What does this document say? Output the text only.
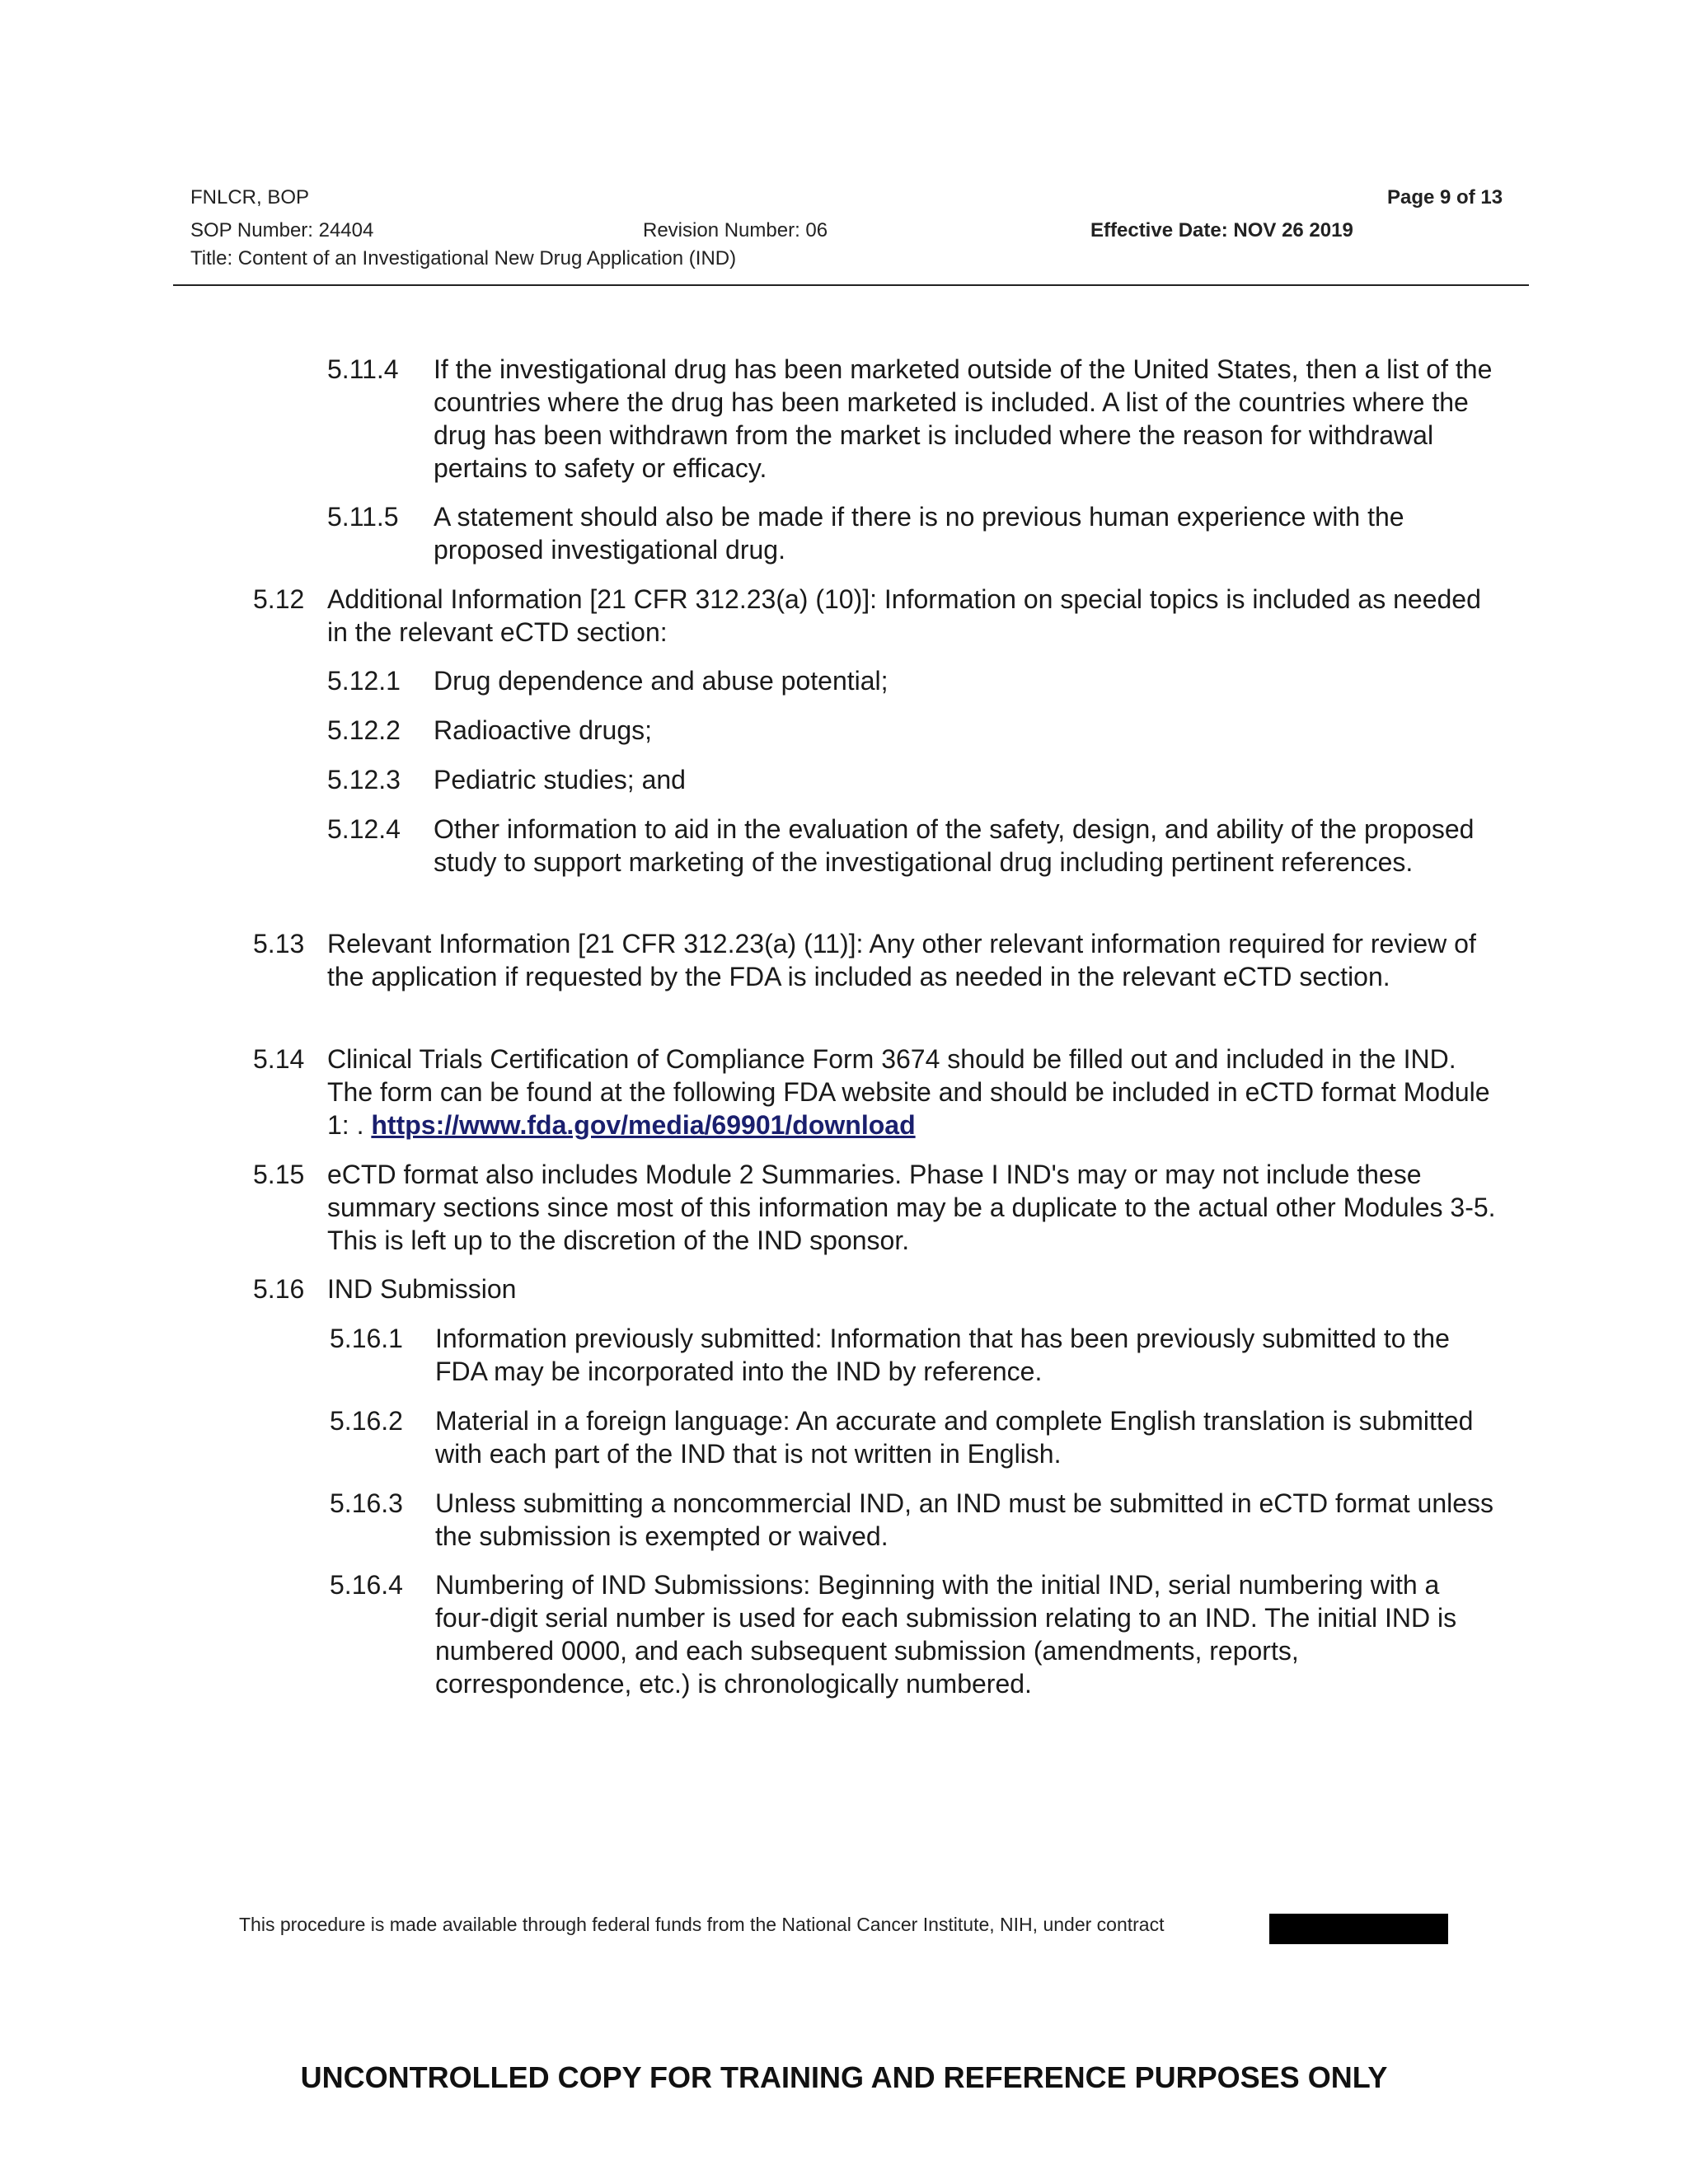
FNLCR, BOP	Page 9 of 13
SOP Number: 24404	Revision Number: 06	Effective Date: NOV 26 2019
Title: Content of an Investigational New Drug Application (IND)
5.11.4 If the investigational drug has been marketed outside of the United States, then a list of the countries where the drug has been marketed is included. A list of the countries where the drug has been withdrawn from the market is included where the reason for withdrawal pertains to safety or efficacy.
5.11.5 A statement should also be made if there is no previous human experience with the proposed investigational drug.
5.12 Additional Information [21 CFR 312.23(a) (10)]: Information on special topics is included as needed in the relevant eCTD section:
5.12.1 Drug dependence and abuse potential;
5.12.2 Radioactive drugs;
5.12.3 Pediatric studies; and
5.12.4 Other information to aid in the evaluation of the safety, design, and ability of the proposed study to support marketing of the investigational drug including pertinent references.
5.13 Relevant Information [21 CFR 312.23(a) (11)]: Any other relevant information required for review of the application if requested by the FDA is included as needed in the relevant eCTD section.
5.14 Clinical Trials Certification of Compliance Form 3674 should be filled out and included in the IND. The form can be found at the following FDA website and should be included in eCTD format Module 1: . https://www.fda.gov/media/69901/download
5.15 eCTD format also includes Module 2 Summaries. Phase I IND's may or may not include these summary sections since most of this information may be a duplicate to the actual other Modules 3-5. This is left up to the discretion of the IND sponsor.
5.16 IND Submission
5.16.1 Information previously submitted: Information that has been previously submitted to the FDA may be incorporated into the IND by reference.
5.16.2 Material in a foreign language: An accurate and complete English translation is submitted with each part of the IND that is not written in English.
5.16.3 Unless submitting a noncommercial IND, an IND must be submitted in eCTD format unless the submission is exempted or waived.
5.16.4 Numbering of IND Submissions: Beginning with the initial IND, serial numbering with a four-digit serial number is used for each submission relating to an IND. The initial IND is numbered 0000, and each subsequent submission (amendments, reports, correspondence, etc.) is chronologically numbered.
This procedure is made available through federal funds from the National Cancer Institute, NIH, under contract
UNCONTROLLED COPY FOR TRAINING AND REFERENCE PURPOSES ONLY
